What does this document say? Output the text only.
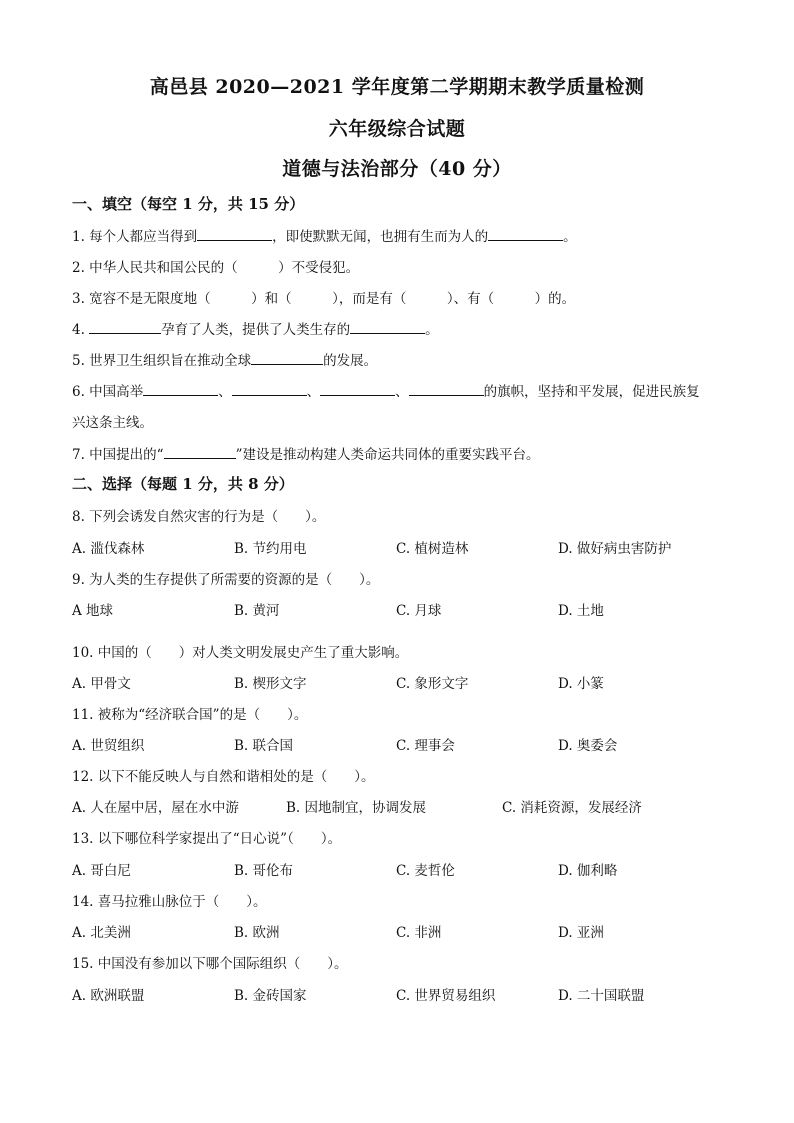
高邑县 2020—2021 学年度第二学期期末教学质量检测
六年级综合试题
道德与法治部分（40 分）
一、填空（每空 1 分，共 15 分）
1. 每个人都应当得到	，即使默默无闻，也拥有生而为人的	。
2. 中华人民共和国公民的（　　　）不受侵犯。
3. 宽容不是无限度地（　　　）和（　　　），而是有（　　　）、有（　　　）的。
4.	孕育了人类，提供了人类生存的	。
5. 世界卫生组织旨在推动全球	的发展。
6. 中国高举	、	、	、	的旗帜，坚持和平发展，促进民族复
兴这条主线。
7. 中国提出的“	”建设是推动构建人类命运共同体的重要实践平台。
二、选择（每题 1 分，共 8 分）
8. 下列会诱发自然灾害的行为是（　　）。
A. 滥伐森林	B. 节约用电	C. 植树造林	D. 做好病虫害防护
9. 为人类的生存提供了所需要的资源的是（　　）。
A 地球	B. 黄河	C. 月球	D. 土地
10. 中国的（　　）对人类文明发展史产生了重大影响。
A. 甲骨文	B. 楔形文字	C. 象形文字	D. 小篆
11. 被称为“经济联合国”的是（　　）。
A. 世贸组织	B. 联合国	C. 理事会	D. 奥委会
12. 以下不能反映人与自然和谐相处的是（　　）。
A. 人在屋中居，屋在水中游	B. 因地制宜，协调发展	C. 消耗资源，发展经济
13. 以下哪位科学家提出了“日心说”（　　）。
A. 哥白尼	B. 哥伦布	C. 麦哲伦	D. 伽利略
14. 喜马拉雅山脉位于（　　）。
A. 北美洲	B. 欧洲	C. 非洲	D. 亚洲
15. 中国没有参加以下哪个国际组织（　　）。
A. 欧洲联盟	B. 金砖国家	C. 世界贸易组织	D. 二十国联盟
